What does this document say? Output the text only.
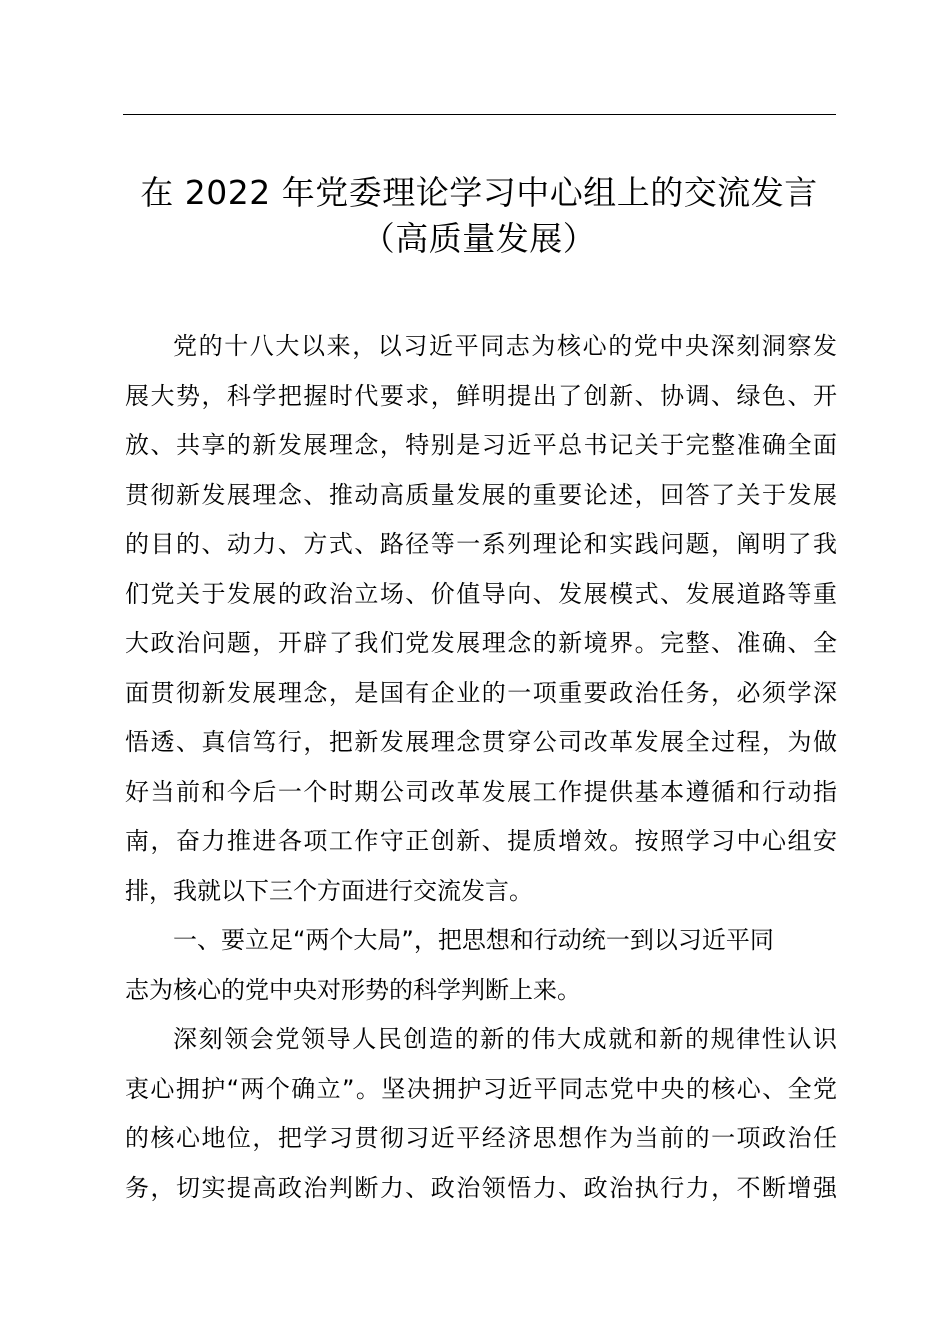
在 2022 年党委理论学习中心组上的交流发言
（高质量发展）
党的十八大以来，以习近平同志为核心的党中央深刻洞察发
展大势，科学把握时代要求，鲜明提出了创新、协调、绿色、开
放、共享的新发展理念，特别是习近平总书记关于完整准确全面
贯彻新发展理念、推动高质量发展的重要论述，回答了关于发展
的目的、动力、方式、路径等一系列理论和实践问题，阐明了我
们党关于发展的政治立场、价值导向、发展模式、发展道路等重
大政治问题，开辟了我们党发展理念的新境界。完整、准确、全
面贯彻新发展理念，是国有企业的一项重要政治任务，必须学深
悟透、真信笃行，把新发展理念贯穿公司改革发展全过程，为做
好当前和今后一个时期公司改革发展工作提供基本遵循和行动指
南，奋力推进各项工作守正创新、提质增效。按照学习中心组安
排，我就以下三个方面进行交流发言。
一、要立足“两个大局”，把思想和行动统一到以习近平同
志为核心的党中央对形势的科学判断上来。
深刻领会党领导人民创造的新的伟大成就和新的规律性认识
衷心拥护“两个确立”。坚决拥护习近平同志党中央的核心、全党
的核心地位，把学习贯彻习近平经济思想作为当前的一项政治任
务，切实提高政治判断力、政治领悟力、政治执行力，不断增强
